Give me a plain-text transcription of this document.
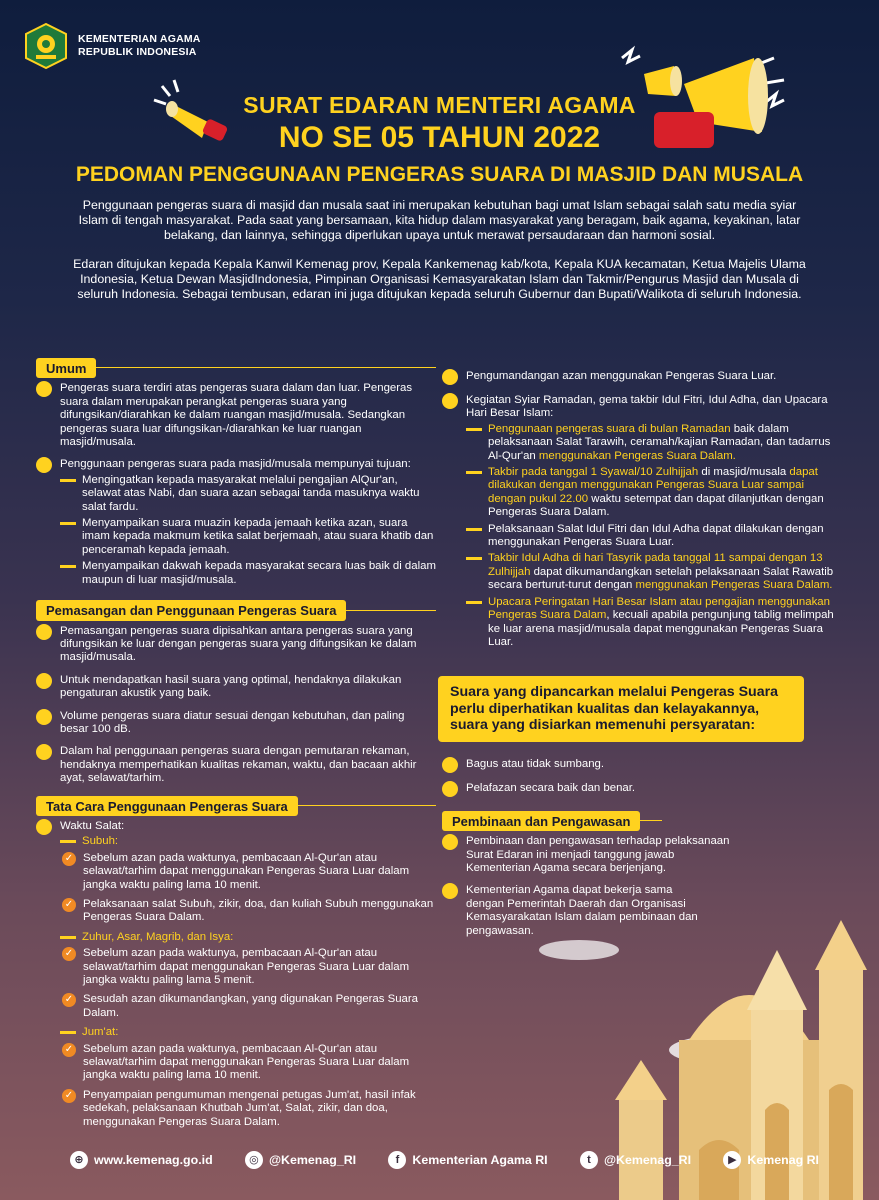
KEMENTERIAN AGAMA
REPUBLIK INDONESIA
SURAT EDARAN MENTERI AGAMA
NO SE 05 TAHUN 2022
PEDOMAN PENGGUNAAN PENGERAS SUARA DI MASJID DAN MUSALA

Penggunaan pengeras suara di masjid dan musala saat ini merupakan kebutuhan bagi umat Islam sebagai salah satu media syiar Islam di tengah masyarakat. Pada saat yang bersamaan, kita hidup dalam masyarakat yang beragam, baik agama, keyakinan, latar belakang, dan lainnya, sehingga diperlukan upaya untuk merawat persaudaraan dan harmoni sosial.

Edaran ditujukan kepada Kepala Kanwil Kemenag prov, Kepala Kankemenag kab/kota, Kepala KUA kecamatan, Ketua Majelis Ulama Indonesia, Ketua Dewan MasjidIndonesia, Pimpinan Organisasi Kemasyarakatan Islam dan Takmir/Pengurus Masjid dan Musala di seluruh Indonesia. Sebagai tembusan, edaran ini juga ditujukan kepada seluruh Gubernur dan Bupati/Walikota di seluruh Indonesia.

Umum
Pengeras suara terdiri atas pengeras suara dalam dan luar. Pengeras suara dalam merupakan perangkat pengeras suara yang difungsikan/diarahkan ke dalam ruangan masjid/musala. Sedangkan pengeras suara luar difungsikan-/diarahkan ke luar ruangan masjid/musala.
Penggunaan pengeras suara pada masjid/musala mempunyai tujuan:
Mengingatkan kepada masyarakat melalui pengajian AlQur'an, selawat atas Nabi, dan suara azan sebagai tanda masuknya waktu salat fardu.
Menyampaikan suara muazin kepada jemaah ketika azan, suara imam kepada makmum ketika salat berjemaah, atau suara khatib dan penceramah kepada jemaah.
Menyampaikan dakwah kepada masyarakat secara luas baik di dalam maupun di luar masjid/musala.
Pemasangan dan Penggunaan Pengeras Suara
Pemasangan pengeras suara dipisahkan antara pengeras suara yang difungsikan ke luar dengan pengeras suara yang difungsikan ke dalam masjid/musala.
Untuk mendapatkan hasil suara yang optimal, hendaknya dilakukan pengaturan akustik yang baik.
Volume pengeras suara diatur sesuai dengan kebutuhan, dan paling besar 100 dB.
Dalam hal penggunaan pengeras suara dengan pemutaran rekaman, hendaknya memperhatikan kualitas rekaman, waktu, dan bacaan akhir ayat, selawat/tarhim.
Tata Cara Penggunaan Pengeras Suara
Waktu Salat:
Subuh:
✓ Sebelum azan pada waktunya, pembacaan Al-Qur'an atau selawat/tarhim dapat menggunakan Pengeras Suara Luar dalam jangka waktu paling lama 10 menit.
✓ Pelaksanaan salat Subuh, zikir, doa, dan kuliah Subuh menggunakan Pengeras Suara Dalam.
Zuhur, Asar, Magrib, dan Isya:
✓ Sebelum azan pada waktunya, pembacaan Al-Qur'an atau selawat/tarhim dapat menggunakan Pengeras Suara Luar dalam jangka waktu paling lama 5 menit.
✓ Sesudah azan dikumandangkan, yang digunakan Pengeras Suara Dalam.
Jum'at:
✓ Sebelum azan pada waktunya, pembacaan Al-Qur'an atau selawat/tarhim dapat menggunakan Pengeras Suara Luar dalam jangka waktu paling lama 10 menit.
✓ Penyampaian pengumuman mengenai petugas Jum'at, hasil infak sedekah, pelaksanaan Khutbah Jum'at, Salat, zikir, dan doa, menggunakan Pengeras Suara Dalam.
Pengumandangan azan menggunakan Pengeras Suara Luar.
Kegiatan Syiar Ramadan, gema takbir Idul Fitri, Idul Adha, dan Upacara Hari Besar Islam:
Penggunaan pengeras suara di bulan Ramadan baik dalam pelaksanaan Salat Tarawih, ceramah/kajian Ramadan, dan tadarrus Al-Qur'an menggunakan Pengeras Suara Dalam.
Takbir pada tanggal 1 Syawal/10 Zulhijjah di masjid/musala dapat dilakukan dengan menggunakan Pengeras Suara Luar sampai dengan pukul 22.00 waktu setempat dan dapat dilanjutkan dengan Pengeras Suara Dalam.
Pelaksanaan Salat Idul Fitri dan Idul Adha dapat dilakukan dengan menggunakan Pengeras Suara Luar.
Takbir Idul Adha di hari Tasyrik pada tanggal 11 sampai dengan 13 Zulhijjah dapat dikumandangkan setelah pelaksanaan Salat Rawatib secara berturut-turut dengan menggunakan Pengeras Suara Dalam.
Upacara Peringatan Hari Besar Islam atau pengajian menggunakan Pengeras Suara Dalam, kecuali apabila pengunjung tablig melimpah ke luar arena masjid/musala dapat menggunakan Pengeras Suara Luar.
Suara yang dipancarkan melalui Pengeras Suara perlu diperhatikan kualitas dan kelayakannya, suara yang disiarkan memenuhi persyaratan:
Bagus atau tidak sumbang.
Pelafazan secara baik dan benar.
Pembinaan dan Pengawasan
Pembinaan dan pengawasan terhadap pelaksanaan Surat Edaran ini menjadi tanggung jawab Kementerian Agama secara berjenjang.
Kementerian Agama dapat bekerja sama dengan Pemerintah Daerah dan Organisasi Kemasyarakatan Islam dalam pembinaan dan pengawasan.
⊕ www.kemenag.go.id	◎ @Kemenag_RI	f	Kementerian Agama RI	t	@Kemenag_RI	▶ Kemenag RI
